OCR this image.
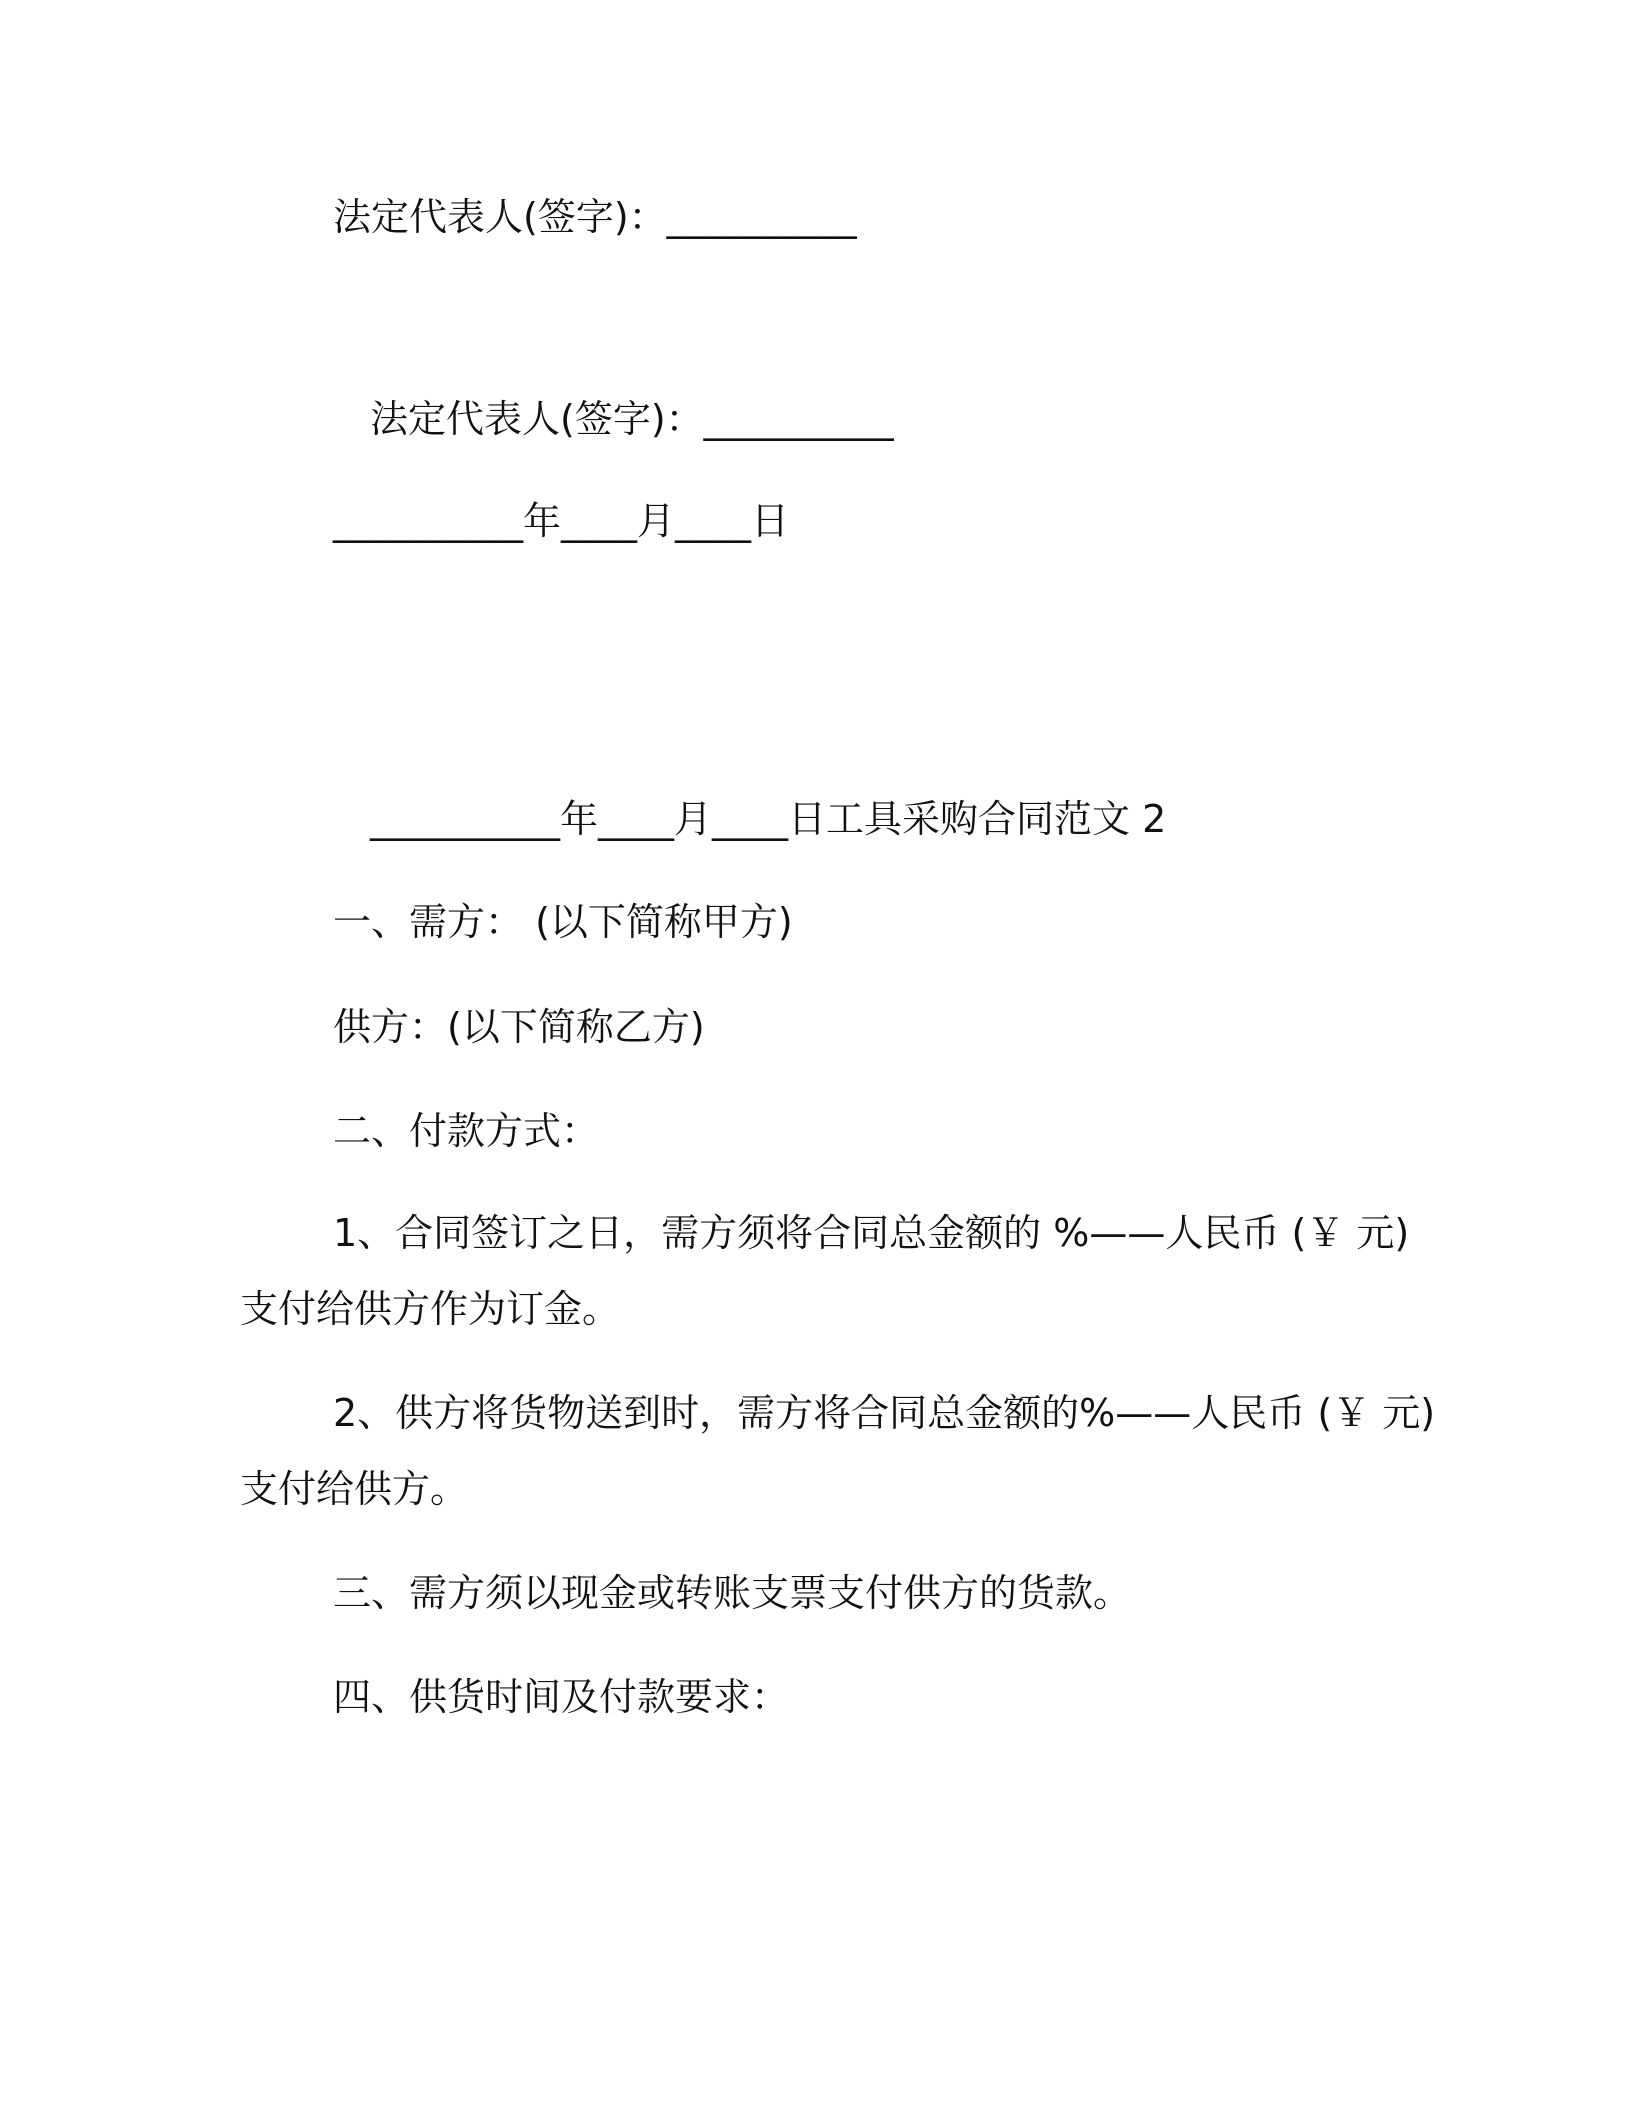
法定代表人(签字)：__________
法定代表人(签字)：__________
__________年____月____日
__________年____月____日工具采购合同范文 2
一、需方： (以下简称甲方)
供方：(以下简称乙方)
二、付款方式：
1、合同签订之日，需方须将合同总金额的 %——人民币 (￥ 元)
支付给供方作为订金。
2、供方将货物送到时，需方将合同总金额的%——人民币 (￥ 元)
支付给供方。
三、需方须以现金或转账支票支付供方的货款。
四、供货时间及付款要求：
